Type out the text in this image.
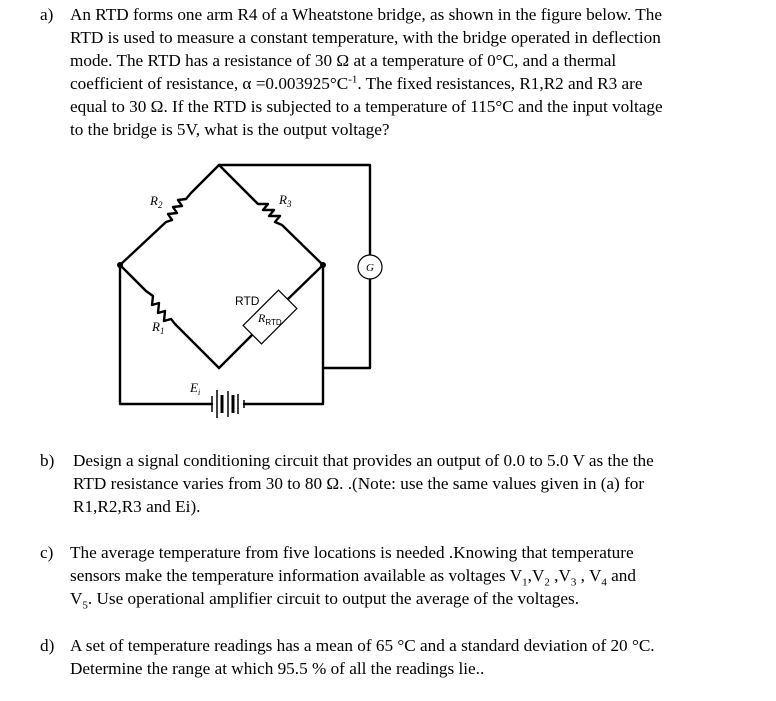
a) An RTD forms one arm R4 of a Wheatstone bridge, as shown in the figure below. The
RTD is used to measure a constant temperature, with the bridge operated in deflection
mode. The RTD has a resistance of 30 Ω at a temperature of 0°C, and a thermal
coefficient of resistance, $\alpha =0.003925^\circ C^{-1}$. The fixed resistances, R1,R2 and R3 are
equal to 30 Ω. If the RTD is subjected to a temperature of 115°C and the input voltage
to the bridge is 5V, what is the output voltage?
G
$R_2$	$R_3$
$R_1$
RTD
$R_{RTD}$
$E_i$
b) Design a signal conditioning circuit that provides an output of 0.0 to 5.0 V as the the
RTD resistance varies from 30 to 80 Ω. .(Note: use the same values given in (a) for
R1,R2,R3 and Ei).
c) The average temperature from five locations is needed .Knowing that temperature
sensors make the temperature information available as voltages $V_1,V_2$ $,V_3$ , $V_4$ and
$V_5$. Use operational amplifier circuit to output the average of the voltages.
d) A set of temperature readings has a mean of 65 °C and a standard deviation of 20 °C.
Determine the range at which 95.5 % of all the readings lie..
